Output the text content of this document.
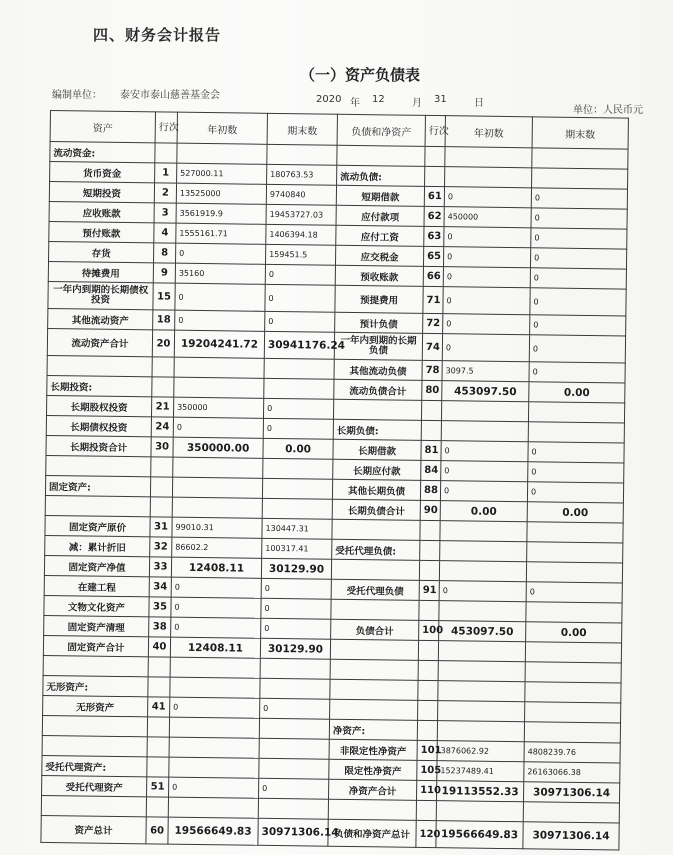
四、财务会计报告
（一）资产负债表
编制单位： 泰安市泰山慈善基金会	2020 年	12	月	31	日
单位：人民币元
资产	行次	年初数	期末数	负债和净资产	行次	年初数	期末数
流动资金:							
货币资金	1	527000.11	180763.53	流动负债:			
短期投资	2	13525000	9740840	短期借款	61	0	0
应收账款	3	3561919.9	19453727.03	应付款项	62	450000	0
预付账款	4	1555161.71	1406394.18	应付工资	63	0	0
存货	8	0	159451.5	应交税金	65	0	0
待摊费用	9	35160	0	预收账款	66	0	0
一年内到期的长期债权投资	15	0	0	预提费用	71	0	0
其他流动资产	18	0	0	预计负债	72	0	0
流动资产合计	20	19204241.72	30941176.24	一年内到期的长期负债	74	0	0
				其他流动负债	78	3097.5	0
长期投资:				流动负债合计	80	453097.50	0.00
长期股权投资	21	350000	0				
长期债权投资	24	0	0	长期负债:			
长期投资合计	30	350000.00	0.00	长期借款	81	0	0
				长期应付款	84	0	0
固定资产:				其他长期负债	88	0	0
				长期负债合计	90	0.00	0.00
固定资产原价	31	99010.31	130447.31				
减：累计折旧	32	86602.2	100317.41	受托代理负债:			
固定资产净值	33	12408.11	30129.90				
在建工程	34	0	0	受托代理负债	91	0	0
文物文化资产	35	0	0				
固定资产清理	38	0	0	负债合计	100	453097.50	0.00
固定资产合计	40	12408.11	30129.90				

无形资产:							
无形资产	41	0	0				
				净资产:			
				非限定性净资产	101	3876062.92	4808239.76
受托代理资产:				限定性净资产	105	15237489.41	26163066.38
受托代理资产	51	0	0	净资产合计	110	19113552.33	30971306.14

资产总计	60	19566649.83	30971306.14	负债和净资产总计	120	19566649.83	30971306.14
